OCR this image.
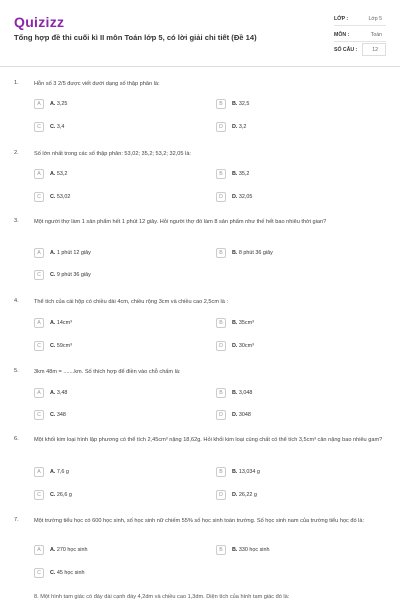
Quizizz
Tổng hợp đề thi cuối kì II môn Toán lớp 5, có lời giải chi tiết (Đề 14)
LỚP :	Lớp 5
MÔN :	Toán
SỐ CÂU :	12
1.	Hỗn số 3 2/5 được viết dưới dạng số thập phân là:
A	A. 3,25	B	B. 32,5
C	C. 3,4	D	D. 3,2
2.	Số lớn nhất trong các số thập phân: 53,02; 35,2; 53,2; 32,05 là:
A	A. 53,2	B	B. 35,2
C	C. 53,02	D	D. 32,05
3.	Một người thợ làm 1 sản phẩm hết 1 phút 12 giây. Hỏi người thợ đó làm 8 sản phẩm như thế hết bao nhiêu thời gian?
A	A. 1 phút 12 giây	B	B. 8 phút 36 giây
C	C. 9 phút 36 giây
4.	Thể tích của cái hộp có chiều dài 4cm, chiều rộng 3cm và chiều cao 2,5cm là :
A	A. 14cm³	B	B. 35cm³
C	C. 59cm³	D	D. 30cm³
5.	3km 48m = .......km. Số thích hợp để điền vào chỗ chấm là:
A	A. 3,48	B	B. 3,048
C	C. 348	D	D. 3048
6.	Một khối kim loại hình lập phương có thể tích 2,45cm³ nặng 18,62g. Hỏi khối kim loại cùng chất có thể tích 3,5cm³ cân nặng bao nhiêu gam?
A	A. 7,6 g	B	B. 13,034 g
C	C. 26,6 g	D	D. 26,22 g
7.	Một trường tiểu học có 600 học sinh, số học sinh nữ chiếm 55% số học sinh toàn trường. Số học sinh nam của trường tiểu học đó là:
A	A. 270 học sinh	B	B. 330 học sinh
C	C. 45 học sinh
8. Một hình tam giác có đáy dài cạnh đáy 4,2dm và chiều cao 1,3dm. Diện tích của hình tam giác đó là:
